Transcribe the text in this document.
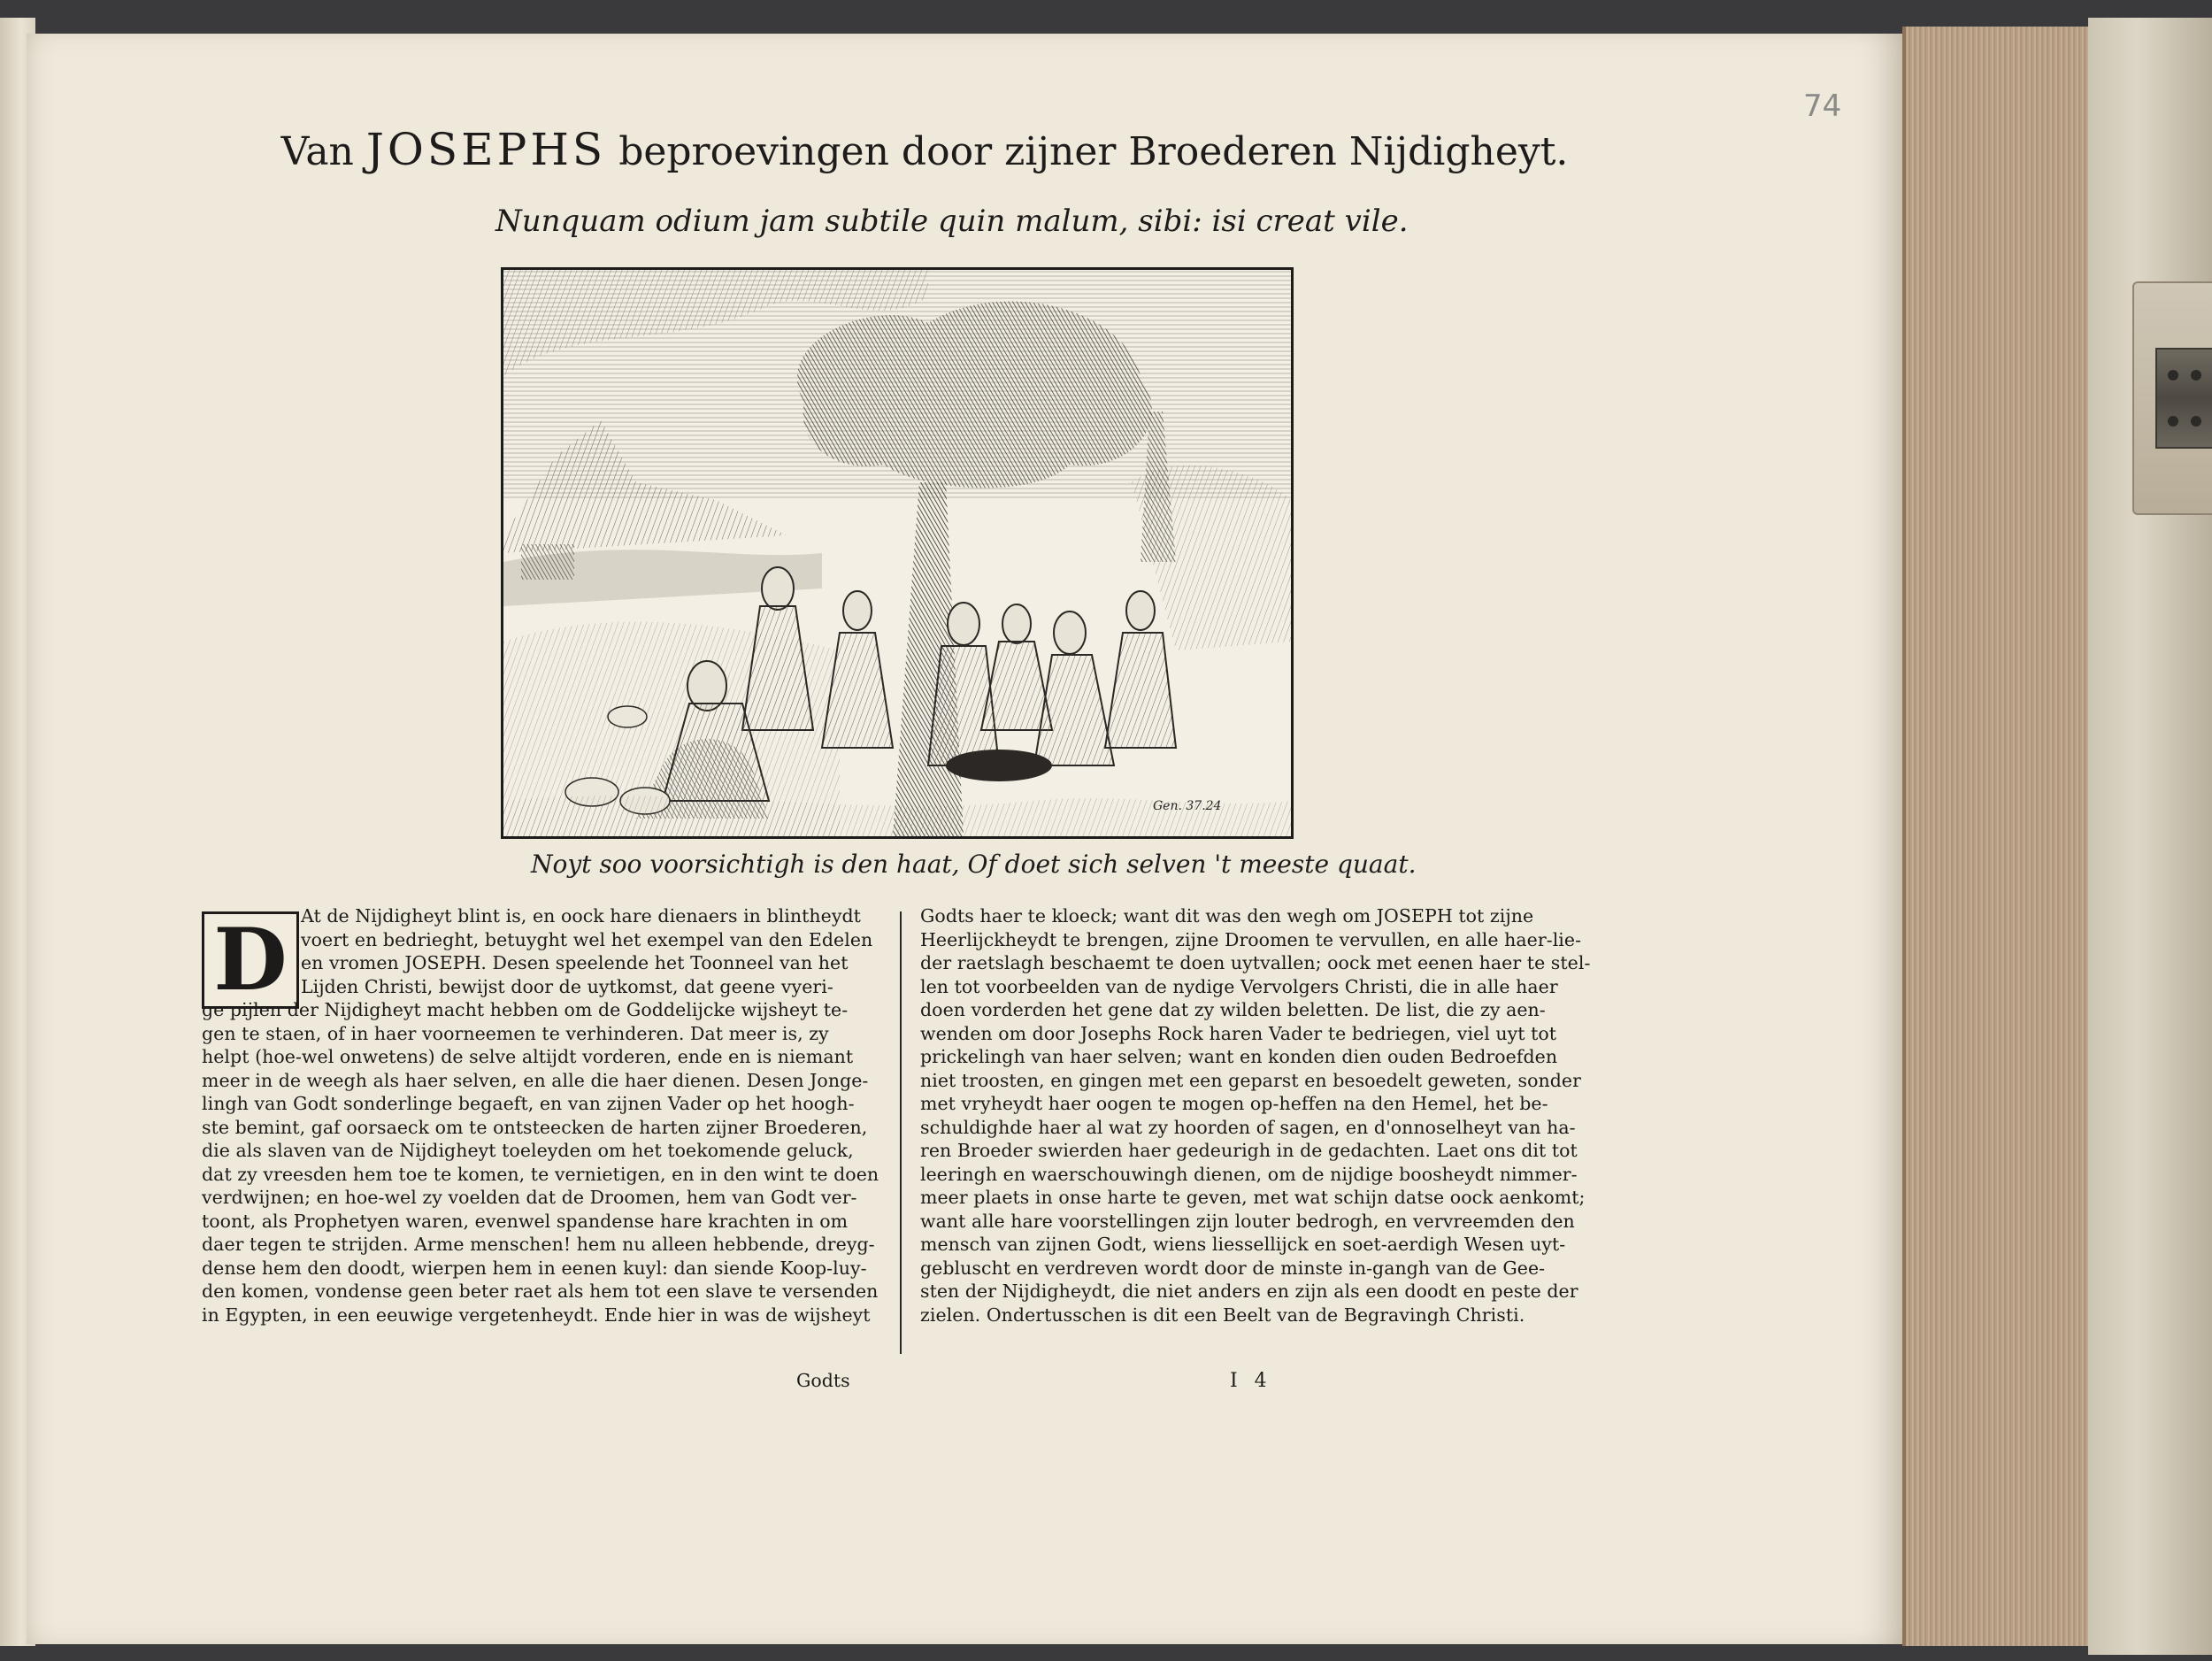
74
Van JOSEPHS beproevingen door zijner Broederen Nijdigheyt.
Nunquam odium jam subtile quin malum, sibi: isi creat vile.
Gen. 37.24
Noyt soo voorsichtigh is den haat, Of doet sich selven 't meeste quaat.
D At de Nijdigheyt blint is, en oock hare dienaers in blintheydt
voert en bedrieght, betuyght wel het exempel van den Edelen
en vromen JOSEPH. Desen speelende het Toonneel van het
Lijden Christi, bewijst door de uytkomst, dat geene vyeri-
ge pijlen der Nijdigheyt macht hebben om de Goddelijcke wijsheyt te-
gen te staen, of in haer voorneemen te verhinderen. Dat meer is, zy
helpt (hoe-wel onwetens) de selve altijdt vorderen, ende en is niemant
meer in de weegh als haer selven, en alle die haer dienen. Desen Jonge-
lingh van Godt sonderlinge begaeft, en van zijnen Vader op het hoogh-
ste bemint, gaf oorsaeck om te ontsteecken de harten zijner Broederen,
die als slaven van de Nijdigheyt toeleyden om het toekomende geluck,
dat zy vreesden hem toe te komen, te vernietigen, en in den wint te doen
verdwijnen; en hoe-wel zy voelden dat de Droomen, hem van Godt ver-
toont, als Prophetyen waren, evenwel spandense hare krachten in om
daer tegen te strijden. Arme menschen! hem nu alleen hebbende, dreyg-
dense hem den doodt, wierpen hem in eenen kuyl: dan siende Koop-luy-
den komen, vondense geen beter raet als hem tot een slave te versenden
in Egypten, in een eeuwige vergetenheydt. Ende hier in was de wijsheyt
Godts
Godts haer te kloeck; want dit was den wegh om JOSEPH tot zijne
Heerlijckheydt te brengen, zijne Droomen te vervullen, en alle haer-lie-
der raetslagh beschaemt te doen uytvallen; oock met eenen haer te stel-
len tot voorbeelden van de nydige Vervolgers Christi, die in alle haer
doen vorderden het gene dat zy wilden beletten. De list, die zy aen-
wenden om door Josephs Rock haren Vader te bedriegen, viel uyt tot
prickelingh van haer selven; want en konden dien ouden Bedroefden
niet troosten, en gingen met een geparst en besoedelt geweten, sonder
met vryheydt haer oogen te mogen op-heffen na den Hemel, het be-
schuldighde haer al wat zy hoorden of sagen, en d'onnoselheyt van ha-
ren Broeder swierden haer gedeurigh in de gedachten. Laet ons dit tot
leeringh en waerschouwingh dienen, om de nijdige boosheydt nimmer-
meer plaets in onse harte te geven, met wat schijn datse oock aenkomt;
want alle hare voorstellingen zijn louter bedrogh, en vervreemden den
mensch van zijnen Godt, wiens liessellijck en soet-aerdigh Wesen uyt-
gebluscht en verdreven wordt door de minste in-gangh van de Gee-
sten der Nijdigheydt, die niet anders en zijn als een doodt en peste der
zielen. Ondertusschen is dit een Beelt van de Begravingh Christi.
I 4
